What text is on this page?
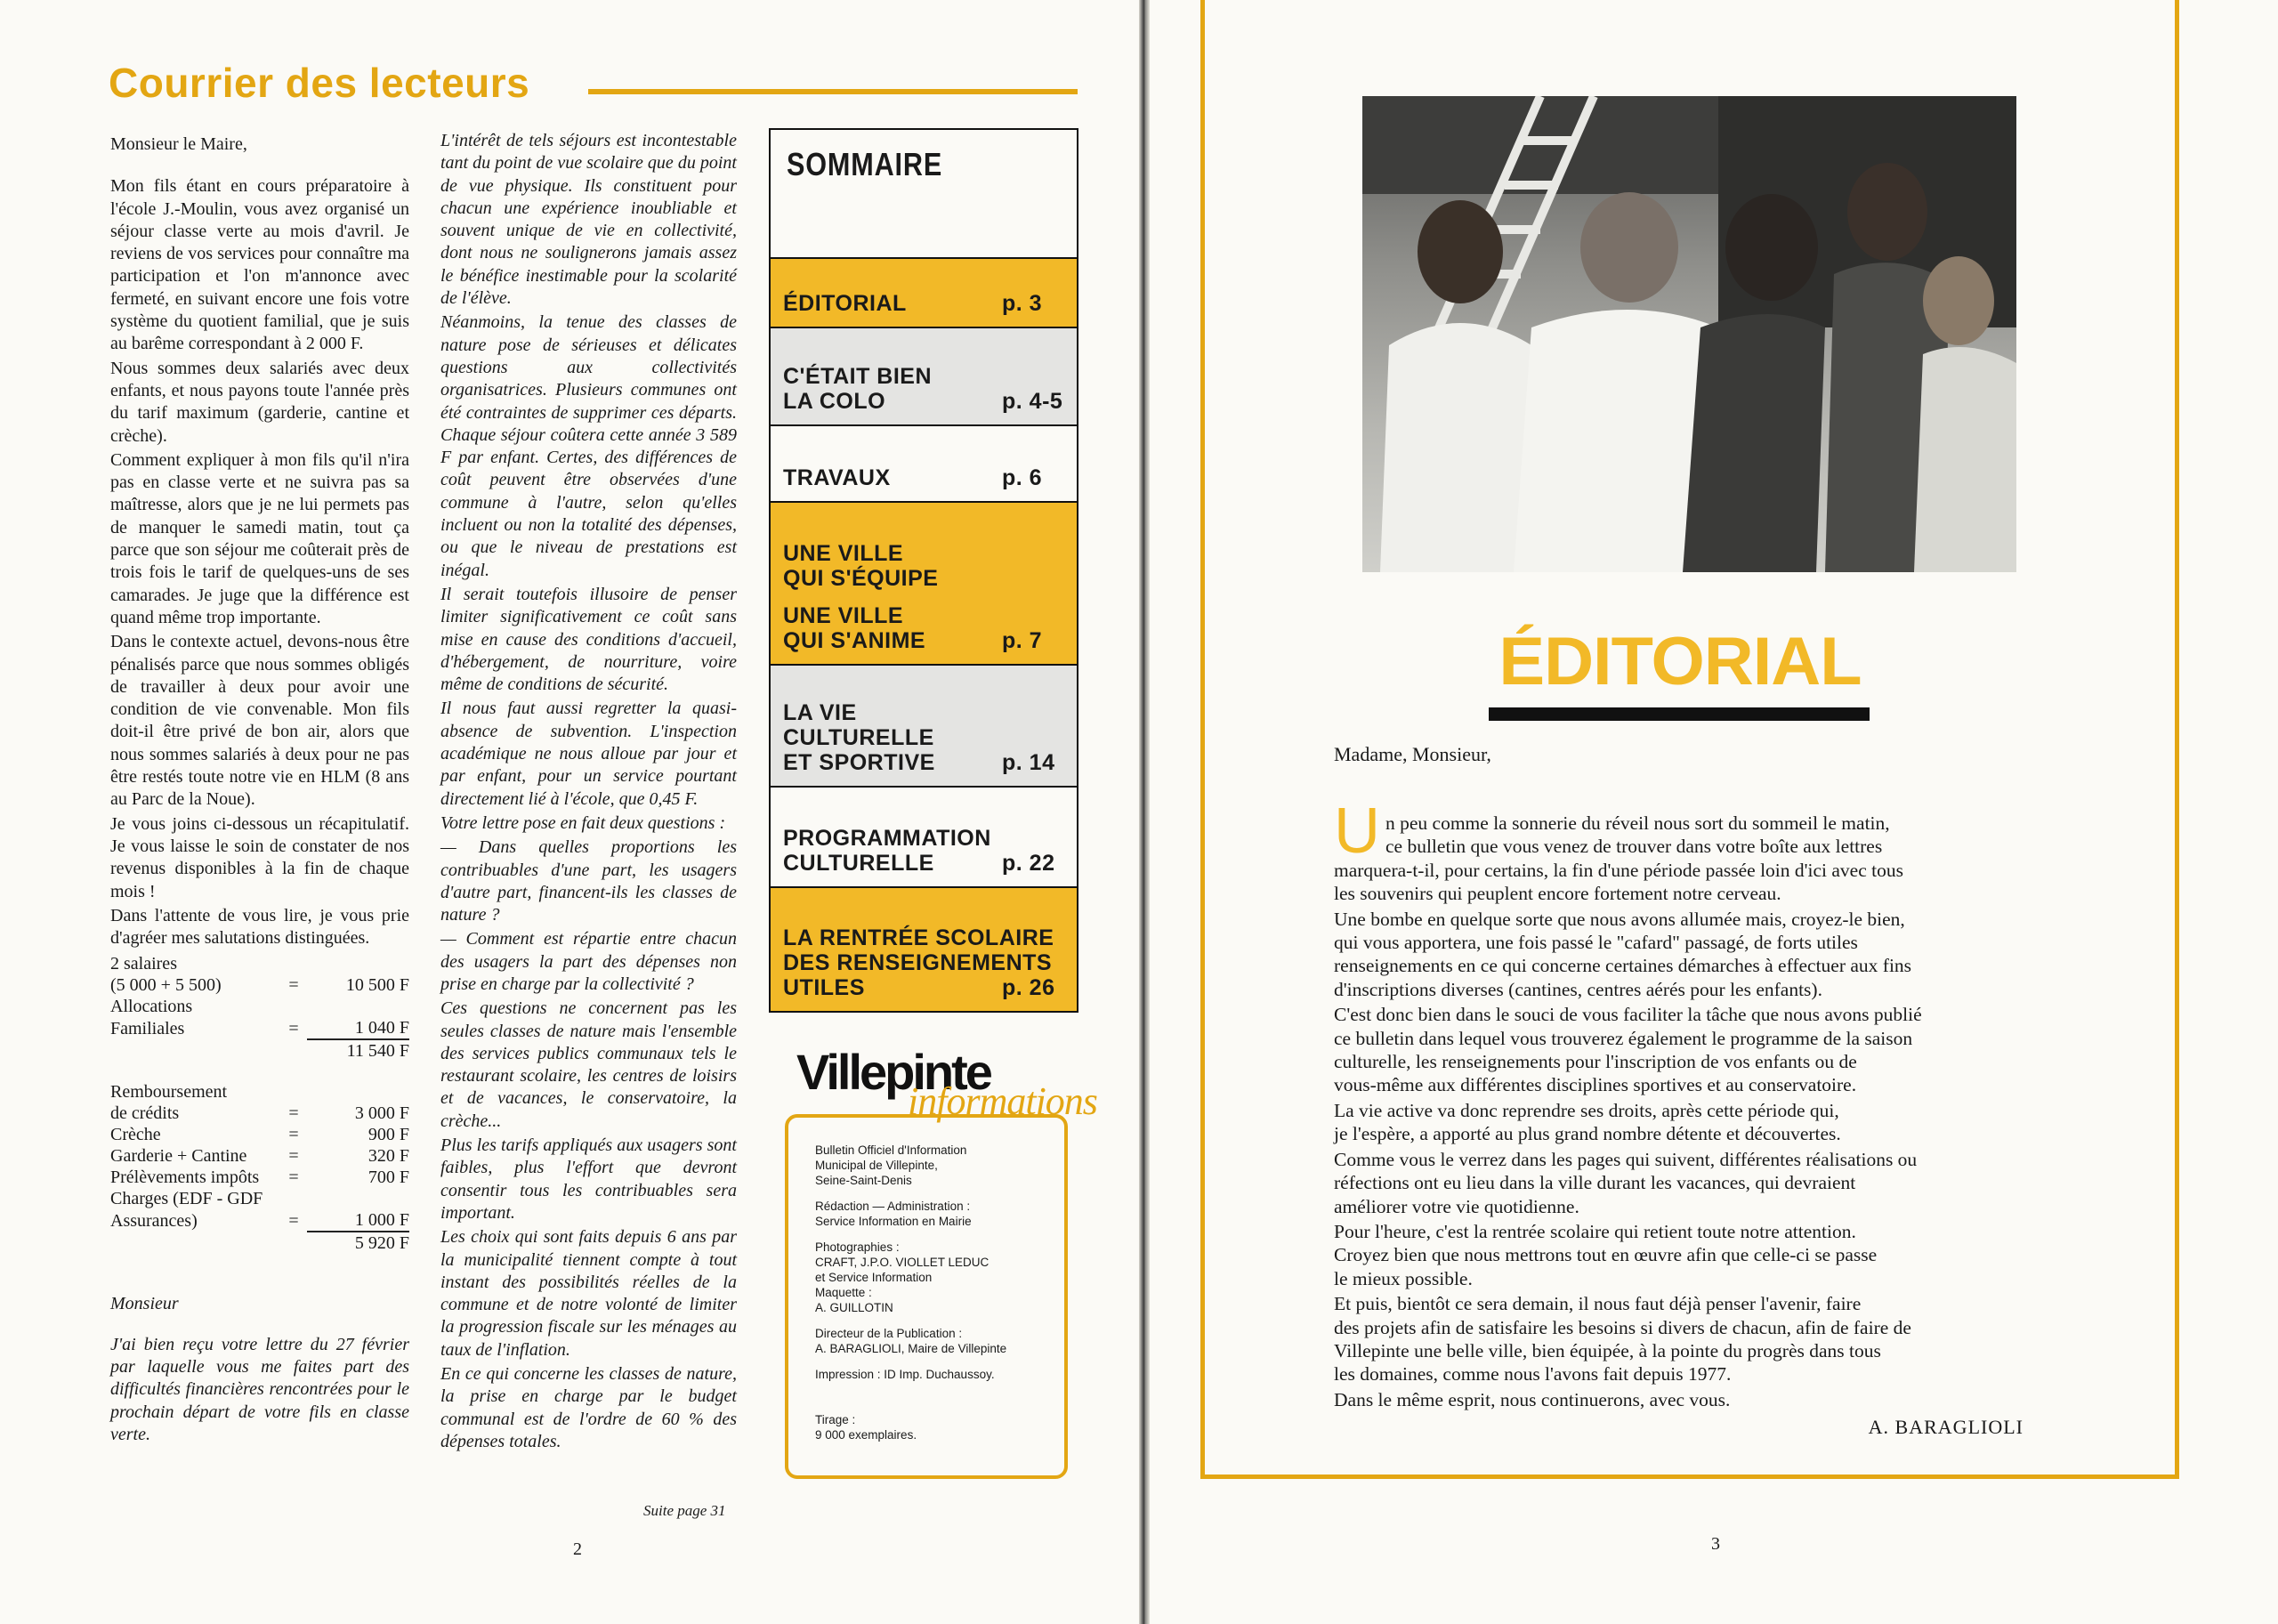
Courrier des lecteurs

Monsieur le Maire,

Mon fils étant en cours préparatoire à l'école J.-Moulin, vous avez organisé un séjour classe verte au mois d'avril. Je reviens de vos services pour connaître ma participation et l'on m'annonce avec fermeté, en suivant encore une fois votre système du quotient familial, que je suis au barême correspondant à 2 000 F.

Nous sommes deux salariés avec deux enfants, et nous payons toute l'année près du tarif maximum (garderie, cantine et crèche).

Comment expliquer à mon fils qu'il n'ira pas en classe verte et ne suivra pas sa maîtresse, alors que je ne lui permets pas de manquer le samedi matin, tout ça parce que son séjour me coûterait près de trois fois le tarif de quelques-uns de ses camarades. Je juge que la différence est quand même trop importante.

Dans le contexte actuel, devons-nous être pénalisés parce que nous sommes obligés de travailler à deux pour avoir une condition de vie convenable. Mon fils doit-il être privé de bon air, alors que nous sommes salariés à deux pour ne pas être restés toute notre vie en HLM (8 ans au Parc de la Noue).

Je vous joins ci-dessous un récapitulatif. Je vous laisse le soin de constater de nos revenus disponibles à la fin de chaque mois !

Dans l'attente de vous lire, je vous prie d'agréer mes salutations distinguées.

2 salaires		
(5 000 + 5 500)	=	10 500 F
Allocations		
Familiales	=	1 040 F
		11 540 F
Remboursement		
de crédits	=	3 000 F
Crèche	=	900 F
Garderie + Cantine	=	320 F
Prélèvements impôts	=	700 F
Charges (EDF - GDF		
Assurances)	=	1 000 F
		5 920 F

Monsieur

J'ai bien reçu votre lettre du 27 février par laquelle vous me faites part des difficultés financières rencontrées pour le prochain départ de votre fils en classe verte.

L'intérêt de tels séjours est incontestable tant du point de vue scolaire que du point de vue physique. Ils constituent pour chacun une expérience inoubliable et souvent unique de vie en collectivité, dont nous ne soulignerons jamais assez le bénéfice inestimable pour la scolarité de l'élève.

Néanmoins, la tenue des classes de nature pose de sérieuses et délicates questions aux collectivités organisatrices. Plusieurs communes ont été contraintes de supprimer ces départs. Chaque séjour coûtera cette année 3 589 F par enfant. Certes, des différences de coût peuvent être observées d'une commune à l'autre, selon qu'elles incluent ou non la totalité des dépenses, ou que le niveau de prestations est inégal.

Il serait toutefois illusoire de penser limiter significativement ce coût sans mise en cause des conditions d'accueil, d'hébergement, de nourriture, voire même de conditions de sécurité.

Il nous faut aussi regretter la quasi-absence de subvention. L'inspection académique ne nous alloue par jour et par enfant, pour un service pourtant directement lié à l'école, que 0,45 F.

Votre lettre pose en fait deux questions :

— Dans quelles proportions les contribuables d'une part, les usagers d'autre part, financent-ils les classes de nature ?

— Comment est répartie entre chacun des usagers la part des dépenses non prise en charge par la collectivité ?

Ces questions ne concernent pas les seules classes de nature mais l'ensemble des services publics communaux tels le restaurant scolaire, les centres de loisirs et de vacances, le conservatoire, la crèche...

Plus les tarifs appliqués aux usagers sont faibles, plus l'effort que devront consentir tous les contribuables sera important.

Les choix qui sont faits depuis 6 ans par la municipalité tiennent compte à tout instant des possibilités réelles de la commune et de notre volonté de limiter la progression fiscale sur les ménages au taux de l'inflation.

En ce qui concerne les classes de nature, la prise en charge par le budget communal est de l'ordre de 60 % des dépenses totales.

Suite page 31
ÉDITORIAL	p. 3
C'ÉTAIT BIEN
LA COLO	p. 4-5
TRAVAUX	p. 6
UNE VILLE
QUI S'ÉQUIPE
UNE VILLE
QUI S'ANIME	p. 7
LA VIE
CULTURELLE
ET SPORTIVE	p. 14
PROGRAMMATION
CULTURELLE	p. 22
LA RENTRÉE SCOLAIRE
DES RENSEIGNEMENTS
UTILES	p. 26
SOMMAIRE
Villepinte
informations

Bulletin Officiel d'Information
Municipal de Villepinte,
Seine-Saint-Denis

Rédaction — Administration :
Service Information en Mairie

Photographies :
CRAFT, J.P.O. VIOLLET LEDUC
et Service Information
Maquette :
A. GUILLOTIN

Directeur de la Publication :
A. BARAGLIOLI, Maire de Villepinte

Impression : ID Imp. Duchaussoy.

Tirage :
9 000 exemplaires.

2
ÉDITORIAL
Madame, Monsieur,
U n peu comme la sonnerie du réveil nous sort du sommeil le matin,
ce bulletin que vous venez de trouver dans votre boîte aux lettres
marquera-t-il, pour certains, la fin d'une période passée loin d'ici avec tous
les souvenirs qui peuplent encore fortement notre cerveau.
Une bombe en quelque sorte que nous avons allumée mais, croyez-le bien,
qui vous apportera, une fois passé le "cafard" passagé, de forts utiles
renseignements en ce qui concerne certaines démarches à effectuer aux fins
d'inscriptions diverses (cantines, centres aérés pour les enfants).
C'est donc bien dans le souci de vous faciliter la tâche que nous avons publié
ce bulletin dans lequel vous trouverez également le programme de la saison
culturelle, les renseignements pour l'inscription de vos enfants ou de
vous-même aux différentes disciplines sportives et au conservatoire.
La vie active va donc reprendre ses droits, après cette période qui,
je l'espère, a apporté au plus grand nombre détente et découvertes.
Comme vous le verrez dans les pages qui suivent, différentes réalisations ou
réfections ont eu lieu dans la ville durant les vacances, qui devraient
améliorer votre vie quotidienne.
Pour l'heure, c'est la rentrée scolaire qui retient toute notre attention.
Croyez bien que nous mettrons tout en œuvre afin que celle-ci se passe
le mieux possible.
Et puis, bientôt ce sera demain, il nous faut déjà penser l'avenir, faire
des projets afin de satisfaire les besoins si divers de chacun, afin de faire de
Villepinte une belle ville, bien équipée, à la pointe du progrès dans tous
les domaines, comme nous l'avons fait depuis 1977.
Dans le même esprit, nous continuerons, avec vous.
A. BARAGLIOLI
3
